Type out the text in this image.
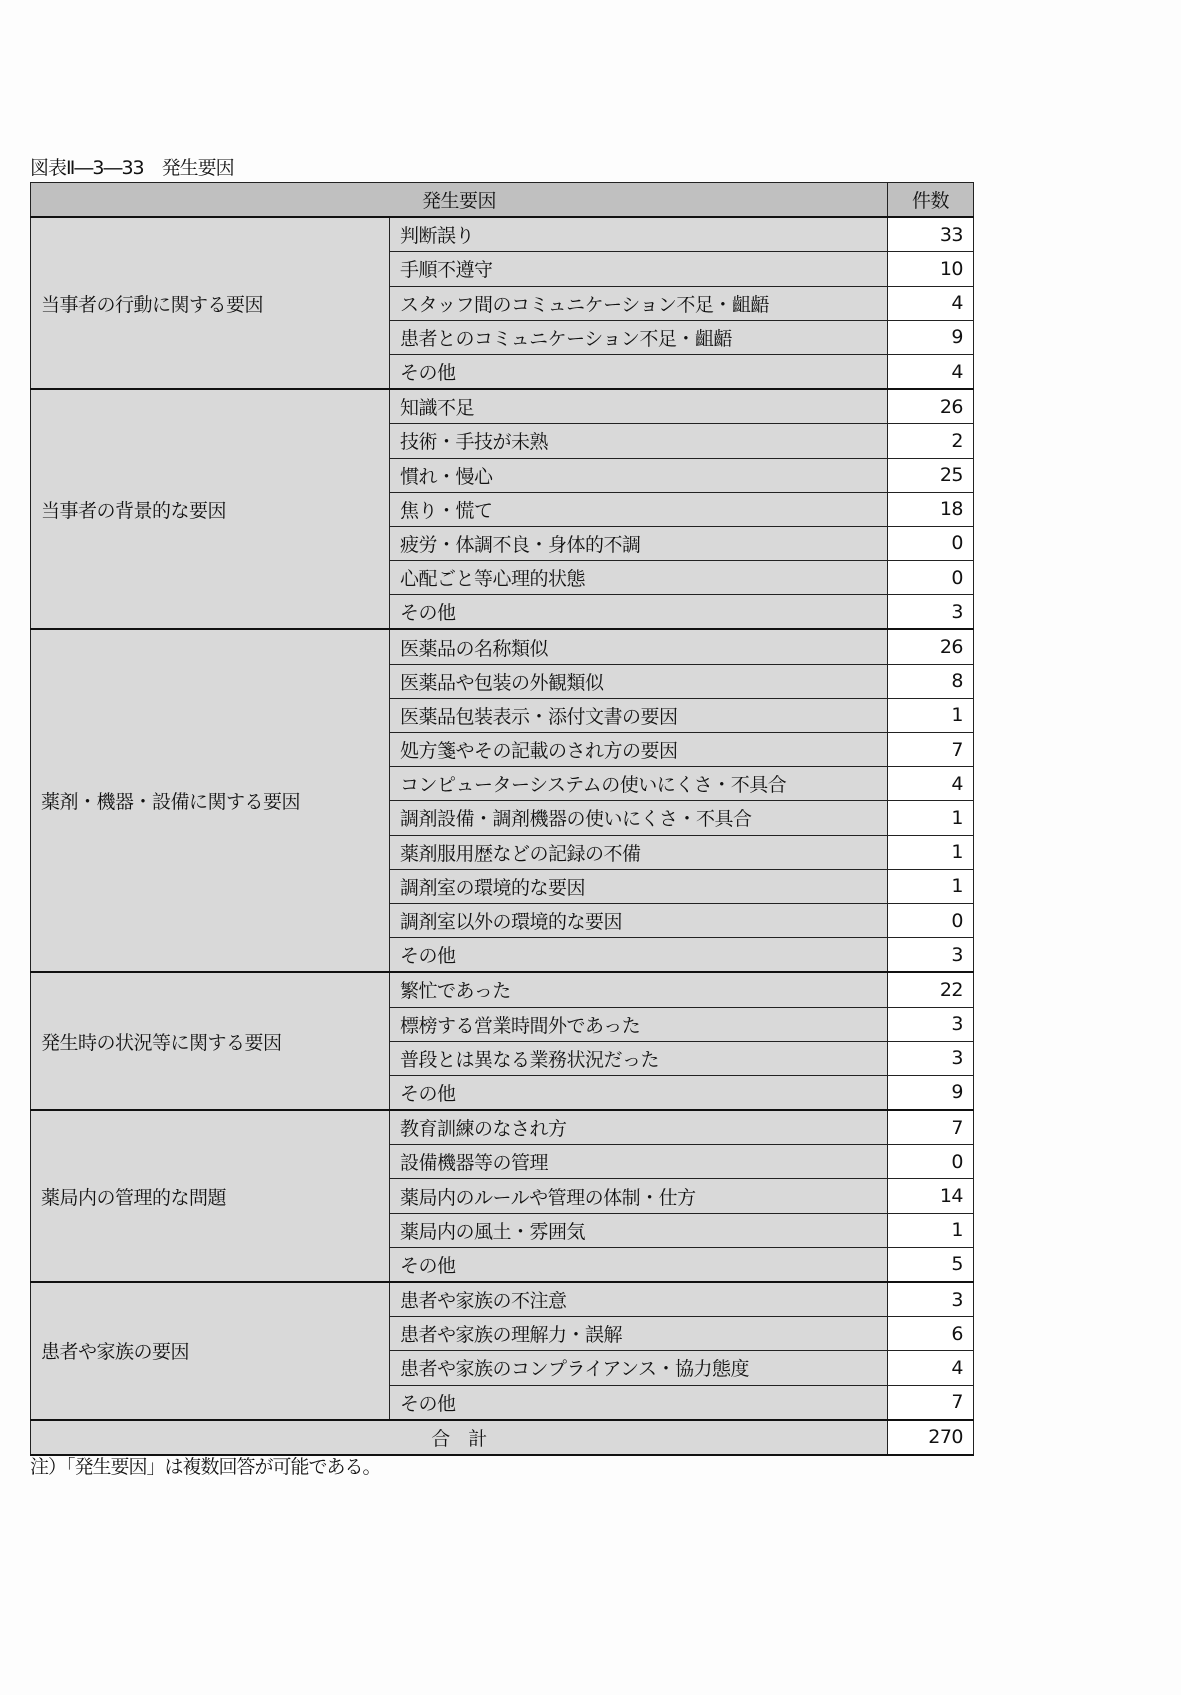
図表Ⅱ―3―33　発生要因
発生要因		件数
当事者の行動に関する要因	判断誤り	33
	手順不遵守	10
	スタッフ間のコミュニケーション不足・齟齬	4
	患者とのコミュニケーション不足・齟齬	9
	その他	4
当事者の背景的な要因	知識不足	26
	技術・手技が未熟	2
	慣れ・慢心	25
	焦り・慌て	18
	疲労・体調不良・身体的不調	0
	心配ごと等心理的状態	0
	その他	3
薬剤・機器・設備に関する要因	医薬品の名称類似	26
	医薬品や包装の外観類似	8
	医薬品包装表示・添付文書の要因	1
	処方箋やその記載のされ方の要因	7
	コンピューターシステムの使いにくさ・不具合	4
	調剤設備・調剤機器の使いにくさ・不具合	1
	薬剤服用歴などの記録の不備	1
	調剤室の環境的な要因	1
	調剤室以外の環境的な要因	0
	その他	3
発生時の状況等に関する要因	繁忙であった	22
	標榜する営業時間外であった	3
	普段とは異なる業務状況だった	3
	その他	9
薬局内の管理的な問題	教育訓練のなされ方	7
	設備機器等の管理	0
	薬局内のルールや管理の体制・仕方	14
	薬局内の風土・雰囲気	1
	その他	5
患者や家族の要因	患者や家族の不注意	3
	患者や家族の理解力・誤解	6
	患者や家族のコンプライアンス・協力態度	4
	その他	7
合　計		270
注）「発生要因」は複数回答が可能である。
